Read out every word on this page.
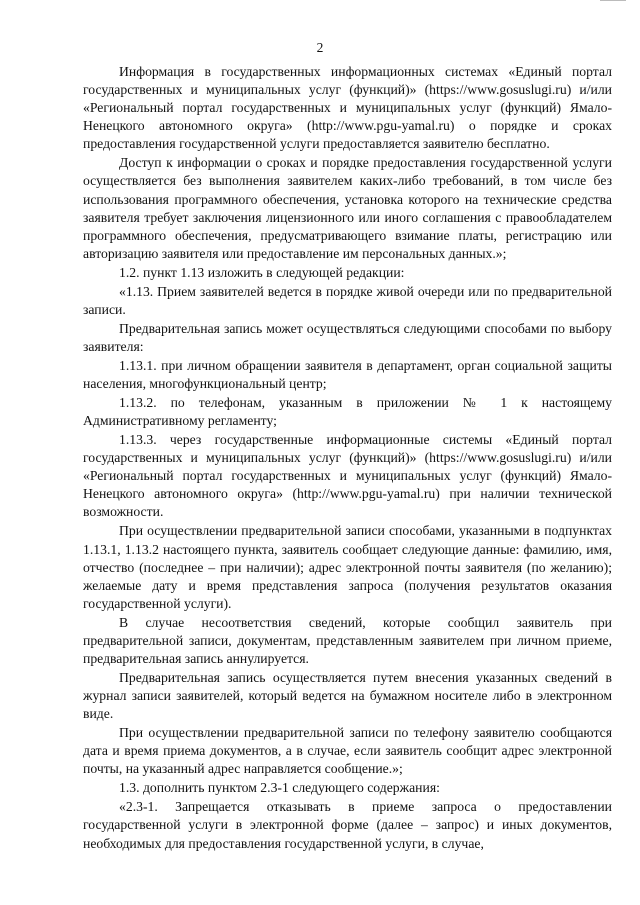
2

Информация в государственных информационных системах «Единый портал государственных и муниципальных услуг (функций)» (https://www.gosuslugi.ru) и/или «Региональный портал государственных и муниципальных услуг (функций) Ямало-Ненецкого автономного округа» (http://www.pgu-yamal.ru) о порядке и сроках предоставления государственной услуги предоставляется заявителю бесплатно.

Доступ к информации о сроках и порядке предоставления государственной услуги осуществляется без выполнения заявителем каких-либо требований, в том числе без использования программного обеспечения, установка которого на технические средства заявителя требует заключения лицензионного или иного соглашения с правообладателем программного обеспечения, предусматривающего взимание платы, регистрацию или авторизацию заявителя или предоставление им персональных данных.»;

1.2. пункт 1.13 изложить в следующей редакции:

«1.13. Прием заявителей ведется в порядке живой очереди или по предварительной записи.

Предварительная запись может осуществляться следующими способами по выбору заявителя:

1.13.1. при личном обращении заявителя в департамент, орган социальной защиты населения, многофункциональный центр;

1.13.2. по телефонам, указанным в приложении № 1 к настоящему Административному регламенту;

1.13.3. через государственные информационные системы «Единый портал государственных и муниципальных услуг (функций)» (https://www.gosuslugi.ru) и/или «Региональный портал государственных и муниципальных услуг (функций) Ямало-Ненецкого автономного округа» (http://www.pgu-yamal.ru) при наличии технической возможности.

При осуществлении предварительной записи способами, указанными в подпунктах 1.13.1, 1.13.2 настоящего пункта, заявитель сообщает следующие данные: фамилию, имя, отчество (последнее – при наличии); адрес электронной почты заявителя (по желанию); желаемые дату и время представления запроса (получения результатов оказания государственной услуги).

В случае несоответствия сведений, которые сообщил заявитель при предварительной записи, документам, представленным заявителем при личном приеме, предварительная запись аннулируется.

Предварительная запись осуществляется путем внесения указанных сведений в журнал записи заявителей, который ведется на бумажном носителе либо в электронном виде.

При осуществлении предварительной записи по телефону заявителю сообщаются дата и время приема документов, а в случае, если заявитель сообщит адрес электронной почты, на указанный адрес направляется сообщение.»;

1.3. дополнить пунктом 2.3-1 следующего содержания:

«2.3-1. Запрещается отказывать в приеме запроса о предоставлении государственной услуги в электронной форме (далее – запрос) и иных документов, необходимых для предоставления государственной услуги, в случае,
